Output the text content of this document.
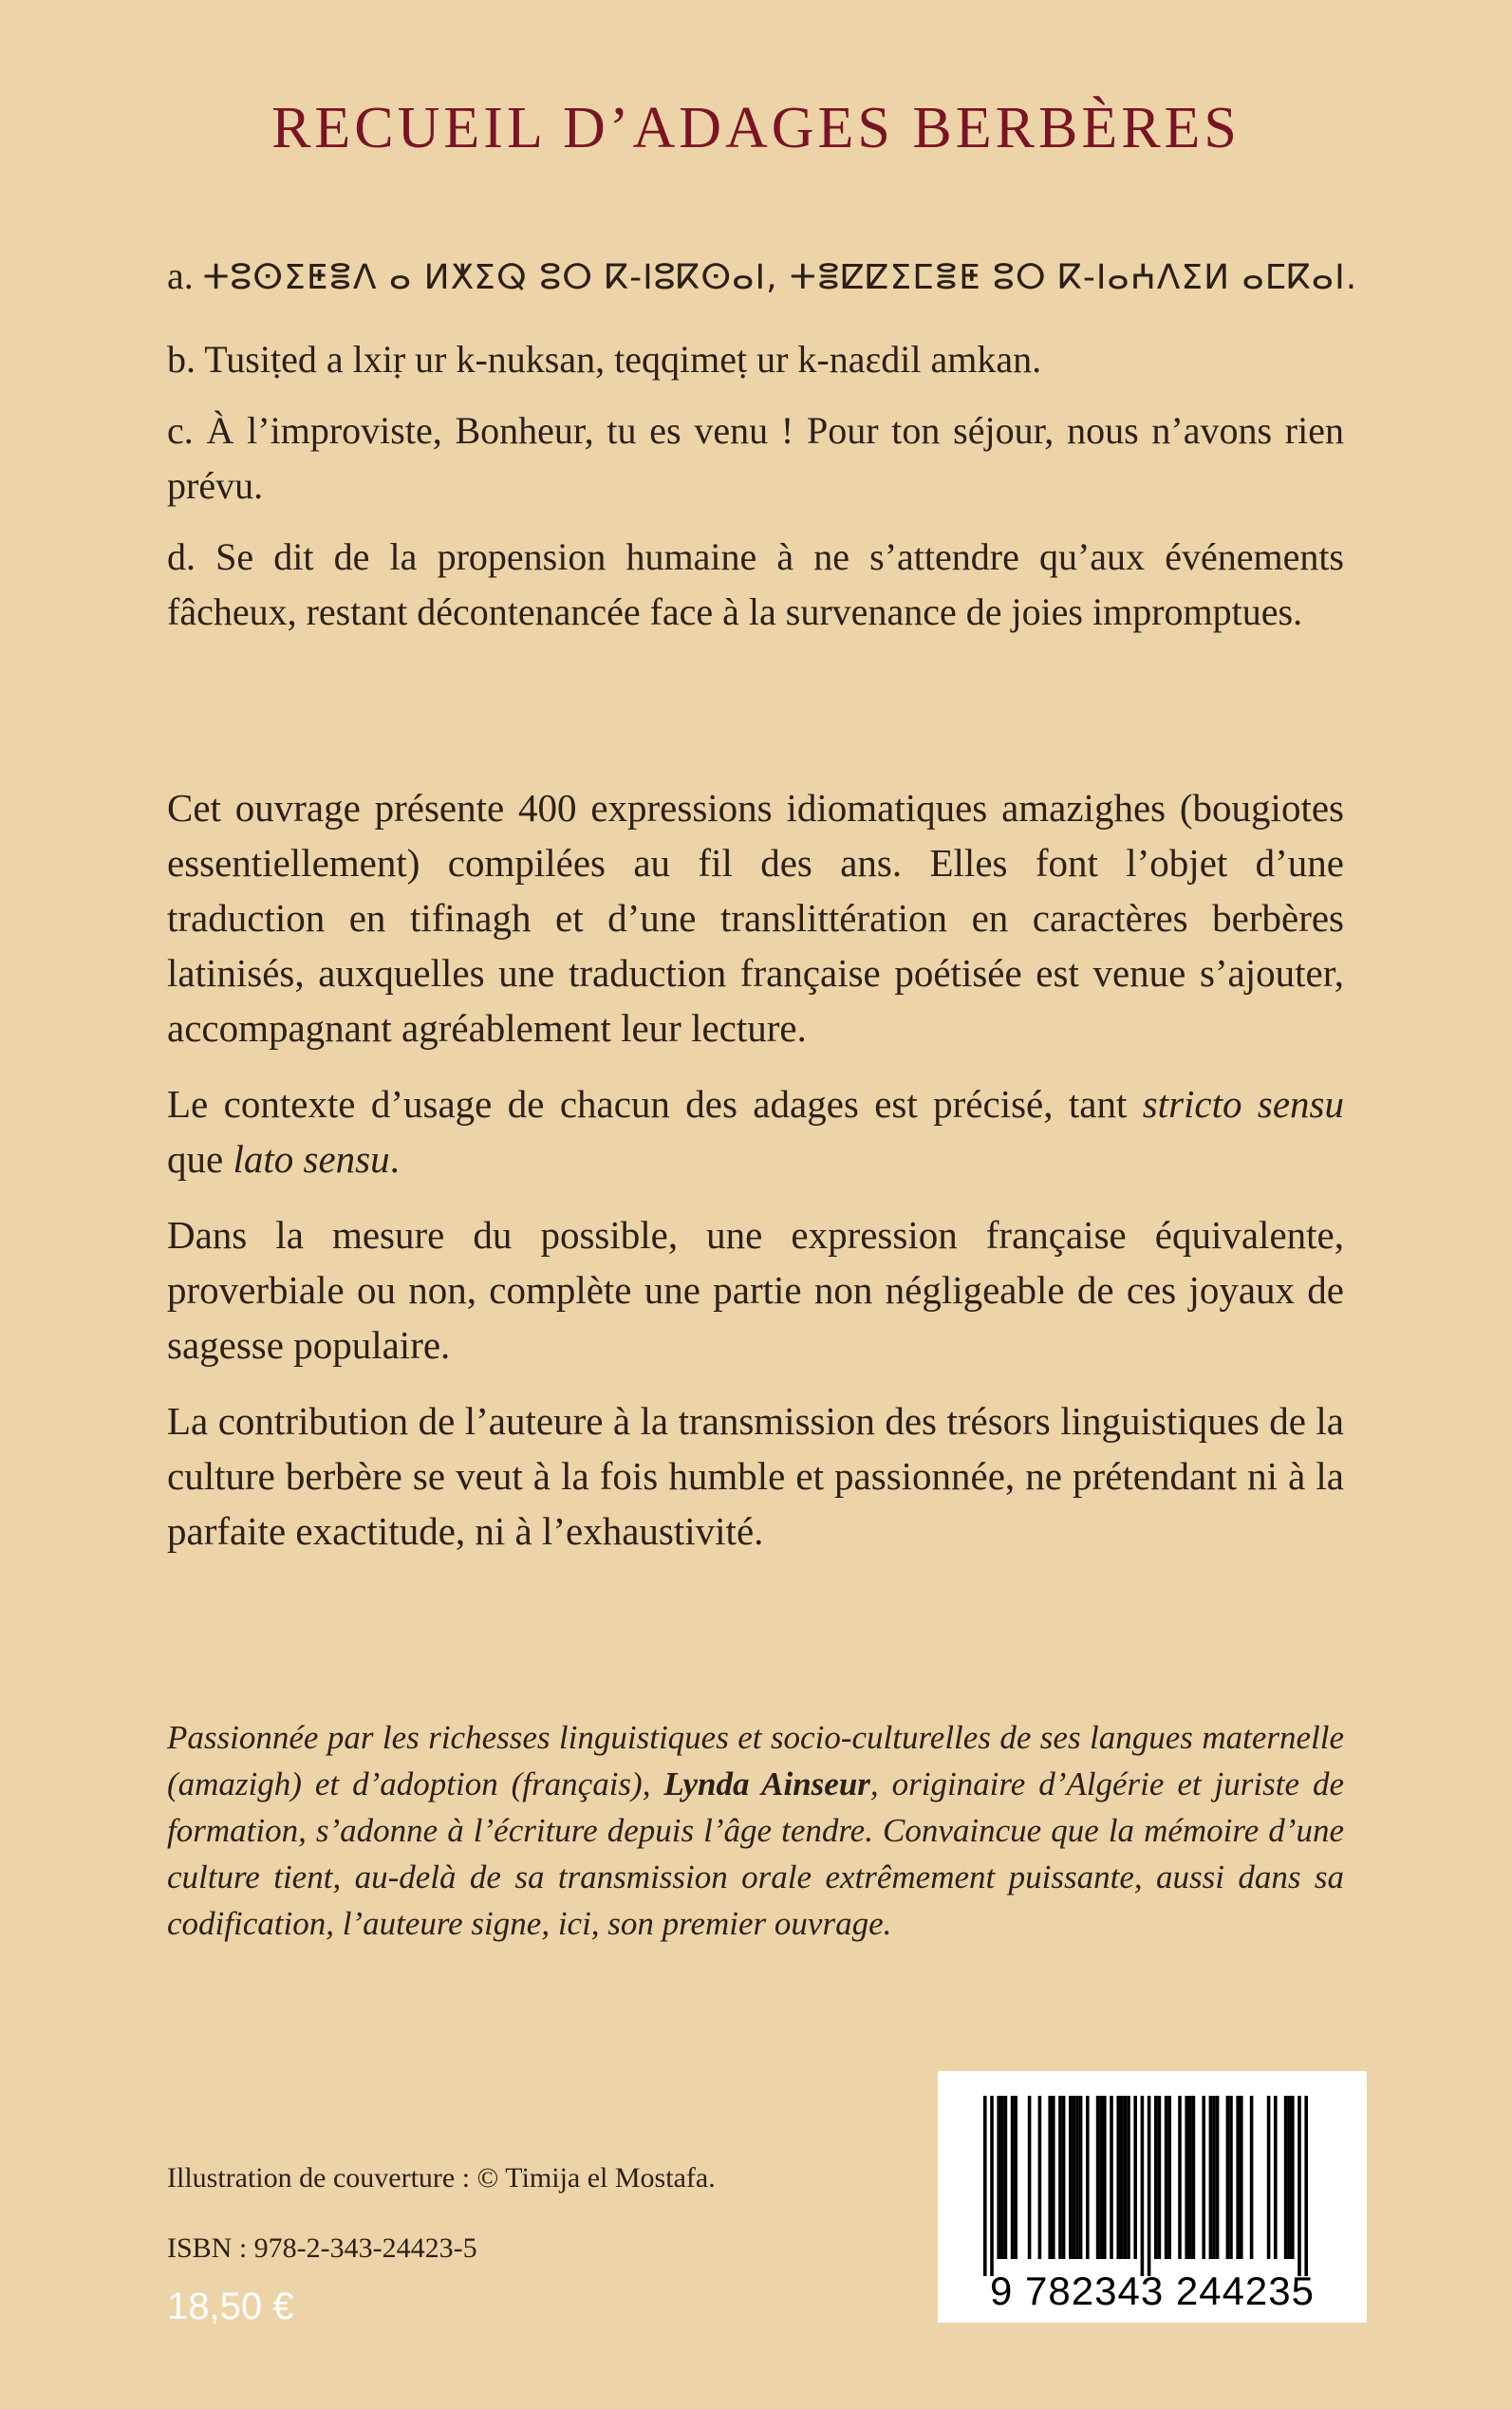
RECUEIL D’ADAGES BERBÈRES
a. ⵜⵓⵙⵉⵟⴻⴷ ⴰ ⵍⵅⵉⵕ ⵓⵔ ⴽ-ⵏⵓⴽⵙⴰⵏ, ⵜⴻⵇⵇⵉⵎⴻⵟ ⵓⵔ ⴽ-ⵏⴰⵄⴷⵉⵍ ⴰⵎⴽⴰⵏ.

b. Tusiṭed a lxiṛ ur k-nuksan, teqqimeṭ ur k-naɛdil amkan.

c. À l’improviste, Bonheur, tu es venu ! Pour ton séjour, nous n’avons rien prévu.

d. Se dit de la propension humaine à ne s’attendre qu’aux événements fâcheux, restant décontenancée face à la survenance de joies impromptues.

Cet ouvrage présente 400 expressions idiomatiques amazighes (bougiotes essentiellement) compilées au fil des ans. Elles font l’objet d’une traduction en tifinagh et d’une translittération en caractères berbères latinisés, auxquelles une traduction française poétisée est venue s’ajouter, accompagnant agréablement leur lecture.

Le contexte d’usage de chacun des adages est précisé, tant stricto sensu que lato sensu.

Dans la mesure du possible, une expression française équivalente, proverbiale ou non, complète une partie non négligeable de ces joyaux de sagesse populaire.

La contribution de l’auteure à la transmission des trésors linguistiques de la culture berbère se veut à la fois humble et passionnée, ne prétendant ni à la parfaite exactitude, ni à l’exhaustivité.

Passionnée par les richesses linguistiques et socio-culturelles de ses langues maternelle (amazigh) et d’adoption (français), Lynda Ainseur, originaire d’Algérie et juriste de formation, s’adonne à l’écriture depuis l’âge tendre. Convaincue que la mémoire d’une culture tient, au-delà de sa transmission orale extrêmement puissante, aussi dans sa codification, l’auteure signe, ici, son premier ouvrage.

Illustration de couverture : © Timija el Mostafa.
ISBN : 978-2-343-24423-5
18,50 €	9 782343 244235
